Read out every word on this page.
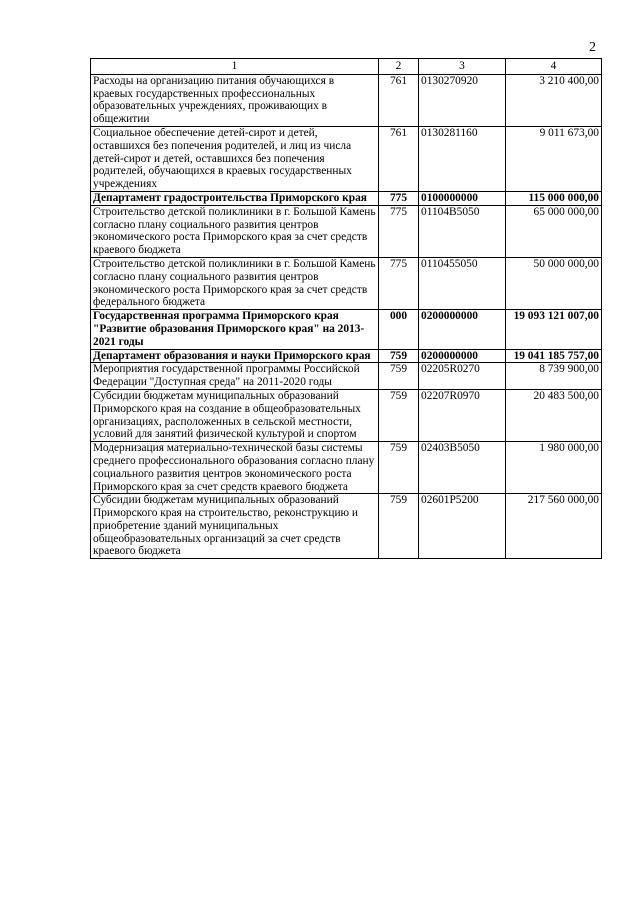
2
1	2	3	4
Расходы на организацию питания обучающихся в краевых государственных профессиональных образовательных учреждениях, проживающих в общежитии	761	0130270920	3 210 400,00
Социальное обеспечение детей-сирот и детей, оставшихся без попечения родителей, и лиц из числа детей-сирот и детей, оставшихся без попечения родителей, обучающихся в краевых государственных учреждениях	761	0130281160	9 011 673,00
Департамент градостроительства Приморского края	775	0100000000	115 000 000,00
Строительство детской поликлиники в г. Большой Камень согласно плану социального развития центров экономического роста Приморского края за счет средств краевого бюджета	775	01104B5050	65 000 000,00
Строительство детской поликлиники в г. Большой Камень согласно плану социального развития центров экономического роста Приморского края за счет средств федерального бюджета	775	0110455050	50 000 000,00
Государственная программа Приморского края "Развитие образования Приморского края" на 2013-2021 годы	000	0200000000	19 093 121 007,00
Департамент образования и науки Приморского края	759	0200000000	19 041 185 757,00
Мероприятия государственной программы Российской Федерации "Доступная среда" на 2011-2020 годы	759	02205R0270	8 739 900,00
Субсидии бюджетам муниципальных образований Приморского края на создание в общеобразовательных организациях, расположенных в сельской местности, условий для занятий физической культурой и спортом	759	02207R0970	20 483 500,00
Модернизация материально-технической базы системы среднего профессионального образования согласно плану социального развития центров экономического роста Приморского края за счет средств краевого бюджета	759	02403B5050	1 980 000,00
Субсидии бюджетам муниципальных образований Приморского края на строительство, реконструкцию и приобретение зданий муниципальных общеобразовательных организаций за счет средств краевого бюджета	759	02601P5200	217 560 000,00
